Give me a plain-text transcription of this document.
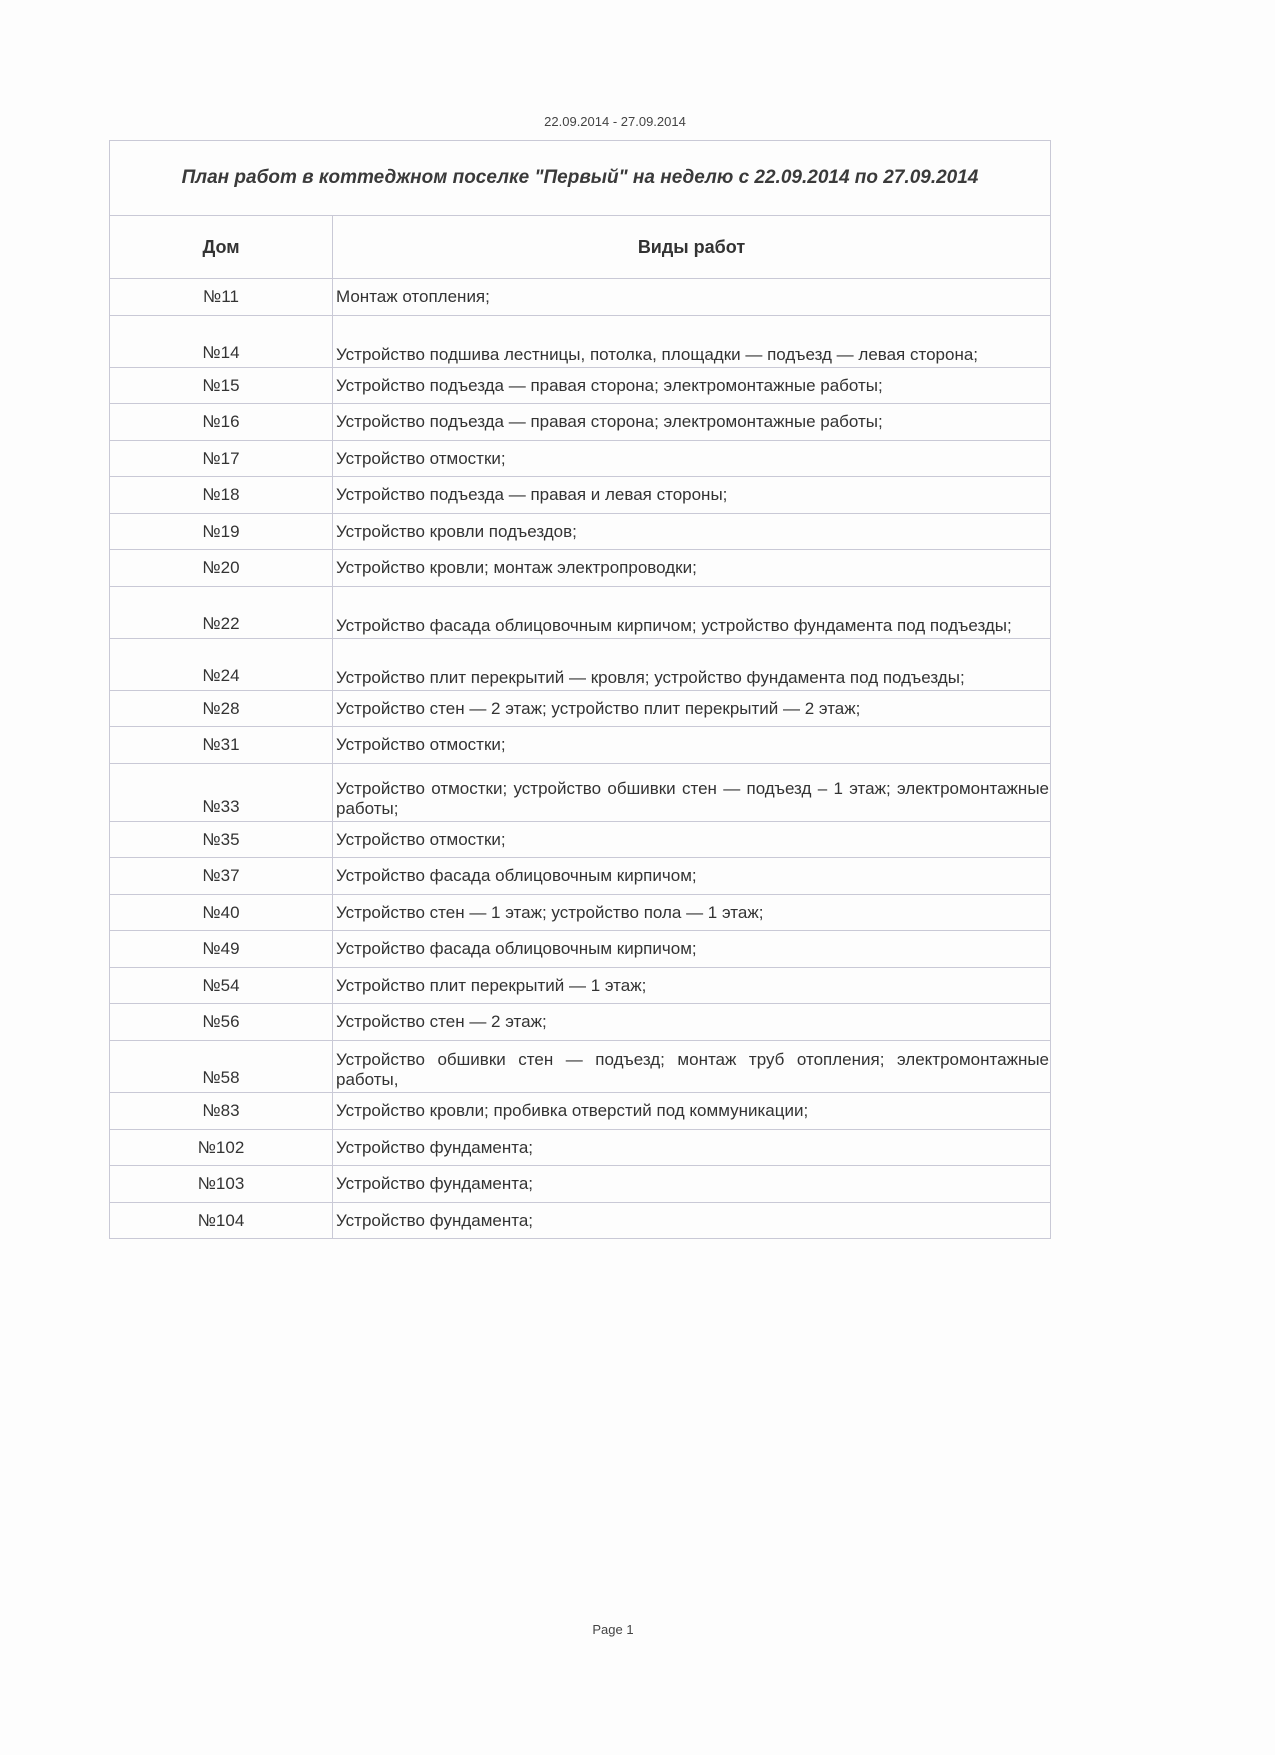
22.09.2014 - 27.09.2014
План работ в коттеджном поселке "Первый" на неделю с 22.09.2014 по 27.09.2014	
Дом	Виды работ
№11	Монтаж отопления;
№14	Устройство подшива лестницы, потолка, площадки — подъезд — левая сторона;
№15	Устройство подъезда — правая сторона; электромонтажные работы;
№16	Устройство подъезда — правая сторона; электромонтажные работы;
№17	Устройство отмостки;
№18	Устройство подъезда — правая и левая стороны;
№19	Устройство кровли подъездов;
№20	Устройство кровли; монтаж электропроводки;
№22	Устройство фасада облицовочным кирпичом; устройство фундамента под подъезды;
№24	Устройство плит перекрытий — кровля; устройство фундамента под подъезды;
№28	Устройство стен — 2 этаж; устройство плит перекрытий — 2 этаж;
№31	Устройство отмостки;
№33	Устройство отмостки; устройство обшивки стен — подъезд – 1 этаж; электромонтажные работы;
№35	Устройство отмостки;
№37	Устройство фасада облицовочным кирпичом;
№40	Устройство стен — 1 этаж; устройство пола — 1 этаж;
№49	Устройство фасада облицовочным кирпичом;
№54	Устройство плит перекрытий — 1 этаж;
№56	Устройство стен — 2 этаж;
№58	Устройство обшивки стен — подъезд; монтаж труб отопления; электромонтажные работы,
№83	Устройство кровли; пробивка отверстий под коммуникации;
№102	Устройство фундамента;
№103	Устройство фундамента;
№104	Устройство фундамента;
Page 1
